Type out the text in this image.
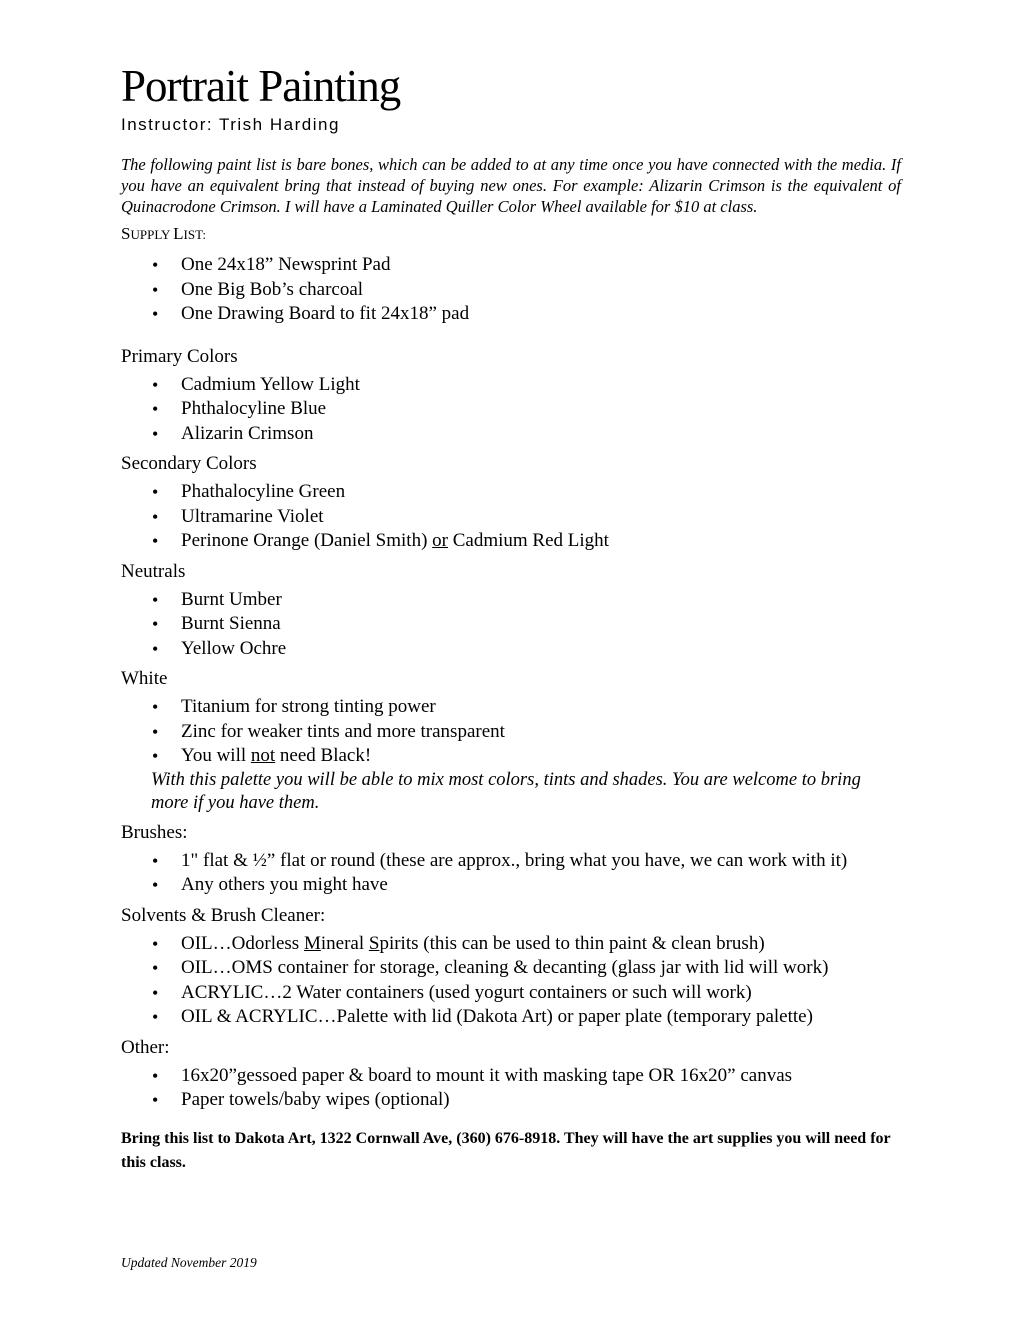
Portrait Painting
Instructor: Trish Harding
The following paint list is bare bones, which can be added to at any time once you have connected with the media. If you have an equivalent bring that instead of buying new ones. For example: Alizarin Crimson is the equivalent of Quinacrodone Crimson. I will have a Laminated Quiller Color Wheel available for $10 at class.
SUPPLY LIST:
• One 24x18” Newsprint Pad
• One Big Bob’s charcoal
• One Drawing Board to fit 24x18” pad
Primary Colors
• Cadmium Yellow Light
• Phthalocyline Blue
• Alizarin Crimson
Secondary Colors
• Phathalocyline Green
• Ultramarine Violet
• Perinone Orange (Daniel Smith) or Cadmium Red Light
Neutrals
• Burnt Umber
• Burnt Sienna
• Yellow Ochre
White
• Titanium for strong tinting power
• Zinc for weaker tints and more transparent
• You will not need Black!
With this palette you will be able to mix most colors, tints and shades. You are welcome to bring more if you have them.
Brushes:
• 1" flat & ½” flat or round (these are approx., bring what you have, we can work with it)
• Any others you might have
Solvents & Brush Cleaner:
• OIL…Odorless Mineral Spirits (this can be used to thin paint & clean brush)
• OIL…OMS container for storage, cleaning & decanting (glass jar with lid will work)
• ACRYLIC…2 Water containers (used yogurt containers or such will work)
• OIL & ACRYLIC…Palette with lid (Dakota Art) or paper plate (temporary palette)
Other:
• 16x20”gessoed paper & board to mount it with masking tape OR 16x20” canvas
• Paper towels/baby wipes (optional)
Bring this list to Dakota Art, 1322 Cornwall Ave, (360) 676-8918. They will have the art supplies you will need for this class.
Updated November 2019
